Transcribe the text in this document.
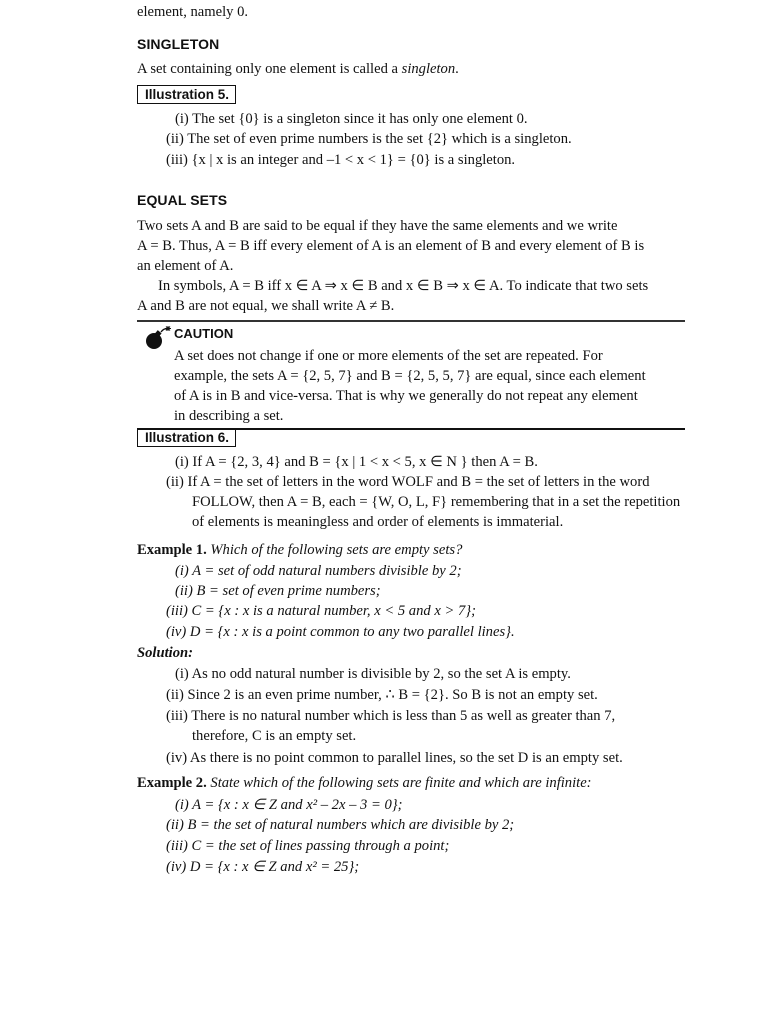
element, namely 0.
SINGLETON
A set containing only one element is called a singleton.
Illustration 5.
(i) The set {0} is a singleton since it has only one element 0.
(ii) The set of even prime numbers is the set {2} which is a singleton.
(iii) {x | x is an integer and –1 < x < 1} = {0} is a singleton.
EQUAL SETS
Two sets A and B are said to be equal if they have the same elements and we write
A = B. Thus, A = B iff every element of A is an element of B and every element of B is
an element of A.
In symbols, A = B iff x ∈ A ⇒ x ∈ B and x ∈ B ⇒ x ∈ A. To indicate that two sets
A and B are not equal, we shall write A ≠ B.
CAUTION
A set does not change if one or more elements of the set are repeated. For
example, the sets A = {2, 5, 7} and B = {2, 5, 5, 7} are equal, since each element
of A is in B and vice-versa. That is why we generally do not repeat any element
in describing a set.
Illustration 6.
(i) If A = {2, 3, 4} and B = {x | 1 < x < 5, x ∈ N } then A = B.
(ii) If A = the set of letters in the word WOLF and B = the set of letters in the word
FOLLOW, then A = B, each = {W, O, L, F} remembering that in a set the repetition
of elements is meaningless and order of elements is immaterial.
Example 1. Which of the following sets are empty sets?
(i) A = set of odd natural numbers divisible by 2;
(ii) B = set of even prime numbers;
(iii) C = {x : x is a natural number, x < 5 and x > 7};
(iv) D = {x : x is a point common to any two parallel lines}.
Solution:
(i) As no odd natural number is divisible by 2, so the set A is empty.
(ii) Since 2 is an even prime number, ∴ B = {2}. So B is not an empty set.
(iii) There is no natural number which is less than 5 as well as greater than 7,
therefore, C is an empty set.
(iv) As there is no point common to parallel lines, so the set D is an empty set.
Example 2. State which of the following sets are finite and which are infinite:
(i) A = {x : x ∈ Z and x² – 2x – 3 = 0};
(ii) B = the set of natural numbers which are divisible by 2;
(iii) C = the set of lines passing through a point;
(iv) D = {x : x ∈ Z and x² = 25};
